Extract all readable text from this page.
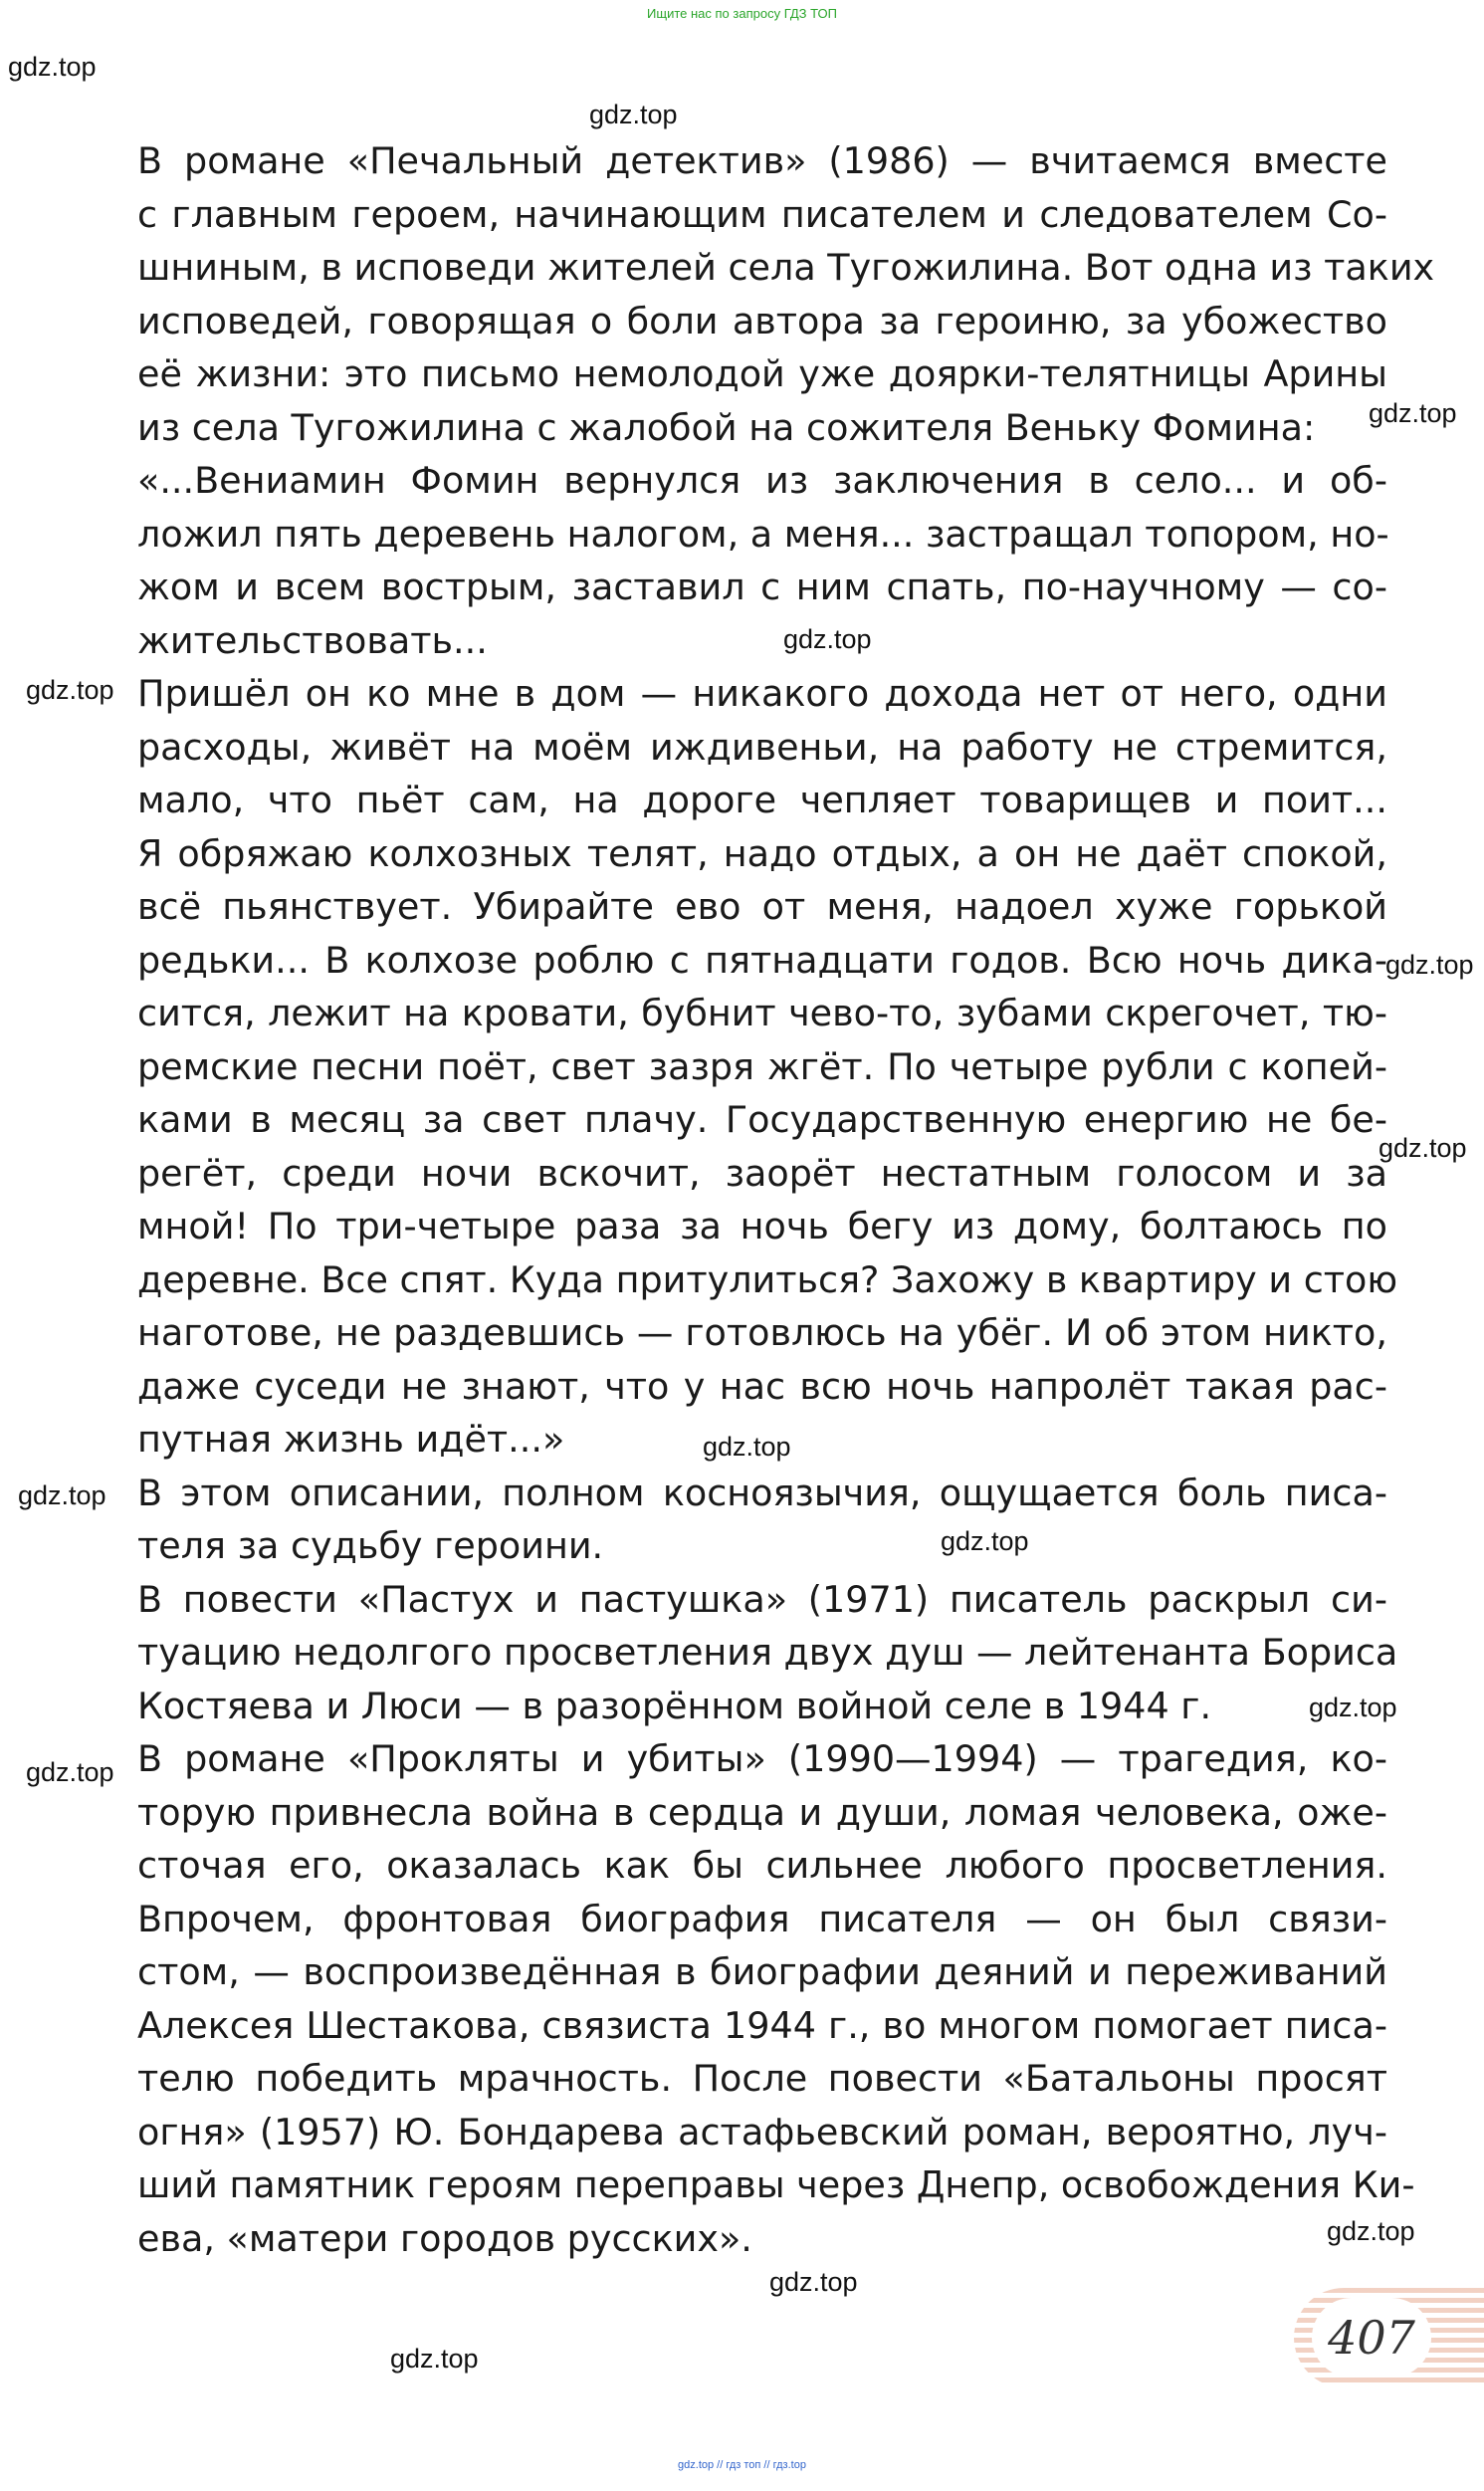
Ищите нас по запросу ГДЗ ТОП
gdz.top
gdz.top
gdz.top
gdz.top
gdz.top
gdz.top
gdz.top
gdz.top
gdz.top
gdz.top
gdz.top
gdz.top
gdz.top
gdz.top
gdz.top
В романе «Печальный детектив» (1986) — вчитаемся вместе
с главным героем, начинающим писателем и следователем Со-
шниным, в исповеди жителей села Тугожилина. Вот одна из таких
исповедей, говорящая о боли автора за героиню, за убожество
её жизни: это письмо немолодой уже доярки-телятницы Арины
из села Тугожилина с жалобой на сожителя Веньку Фомина:
«...Вениамин Фомин вернулся из заключения в село... и об-
ложил пять деревень налогом, а меня... застращал топором, но-
жом и всем вострым, заставил с ним спать, по-научному — со-
жительствовать...
Пришёл он ко мне в дом — никакого дохода нет от него, одни
расходы, живёт на моём иждивеньи, на работу не стремится,
мало, что пьёт сам, на дороге чепляет товарищев и поит...
Я обряжаю колхозных телят, надо отдых, а он не даёт спокой,
всё пьянствует. Убирайте ево от меня, надоел хуже горькой
редьки... В колхозе роблю с пятнадцати годов. Всю ночь дика-
сится, лежит на кровати, бубнит чево-то, зубами скрегочет, тю-
ремские песни поёт, свет зазря жгёт. По четыре рубли с копей-
ками в месяц за свет плачу. Государственную енергию не бе-
регёт, среди ночи вскочит, заорёт нестатным голосом и за
мной! По три-четыре раза за ночь бегу из дому, болтаюсь по
деревне. Все спят. Куда притулиться? Захожу в квартиру и стою
наготове, не раздевшись — готовлюсь на убёг. И об этом никто,
даже суседи не знают, что у нас всю ночь напролёт такая рас-
путная жизнь идёт...»
В этом описании, полном косноязычия, ощущается боль писа-
теля за судьбу героини.
В повести «Пастух и пастушка» (1971) писатель раскрыл си-
туацию недолгого просветления двух душ — лейтенанта Бориса
Костяева и Люси — в разорённом войной селе в 1944 г.
В романе «Прокляты и убиты» (1990—1994) — трагедия, ко-
торую привнесла война в сердца и души, ломая человека, оже-
сточая его, оказалась как бы сильнее любого просветления.
Впрочем, фронтовая биография писателя — он был связи-
стом, — воспроизведённая в биографии деяний и переживаний
Алексея Шестакова, связиста 1944 г., во многом помогает писа-
телю победить мрачность. После повести «Батальоны просят
огня» (1957) Ю. Бондарева астафьевский роман, вероятно, луч-
ший памятник героям переправы через Днепр, освобождения Ки-
ева, «матери городов русских».
407
gdz.top // гдз топ // гдз.top
